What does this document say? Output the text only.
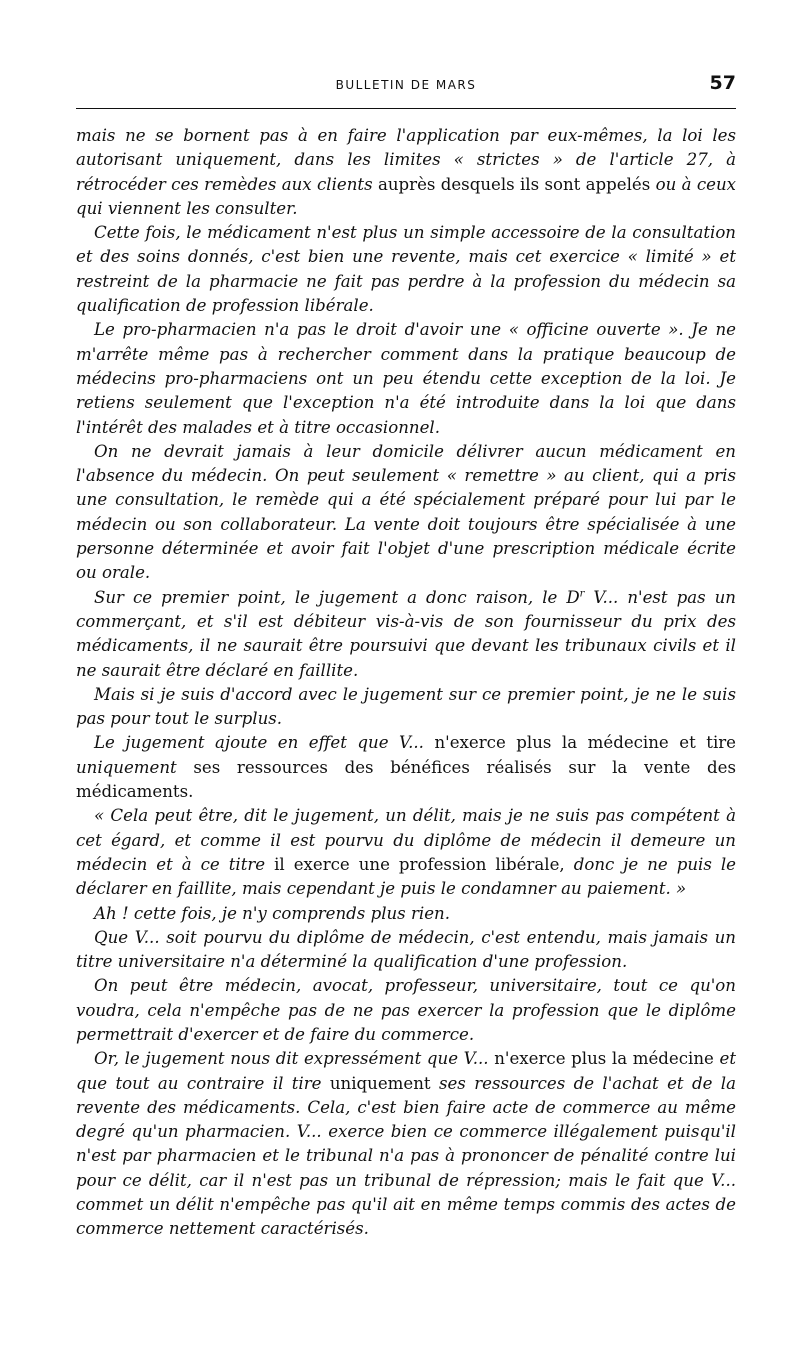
BULLETIN DE MARS	57

mais ne se bornent pas à en faire l'application par eux-mêmes, la loi les autorisant uniquement, dans les limites « strictes » de l'article 27, à rétrocéder ces remèdes aux clients auprès desquels ils sont appelés ou à ceux qui viennent les consulter.

Cette fois, le médicament n'est plus un simple accessoire de la consultation et des soins donnés, c'est bien une revente, mais cet exercice « limité » et restreint de la pharmacie ne fait pas perdre à la profession du médecin sa qualification de profession libérale.

Le pro-pharmacien n'a pas le droit d'avoir une « officine ouverte ». Je ne m'arrête même pas à rechercher comment dans la pratique beaucoup de médecins pro-pharmaciens ont un peu étendu cette exception de la loi. Je retiens seulement que l'exception n'a été introduite dans la loi que dans l'intérêt des malades et à titre occasionnel.

On ne devrait jamais à leur domicile délivrer aucun médicament en l'absence du médecin. On peut seulement « remettre » au client, qui a pris une consultation, le remède qui a été spécialement préparé pour lui par le médecin ou son collaborateur. La vente doit toujours être spécialisée à une personne déterminée et avoir fait l'objet d'une prescription médicale écrite ou orale.

Sur ce premier point, le jugement a donc raison, le $D^r$ V... n'est pas un commerçant, et s'il est débiteur vis-à-vis de son fournisseur du prix des médicaments, il ne saurait être poursuivi que devant les tribunaux civils et il ne saurait être déclaré en faillite.

Mais si je suis d'accord avec le jugement sur ce premier point, je ne le suis pas pour tout le surplus.

Le jugement ajoute en effet que V... n'exerce plus la médecine et tire uniquement ses ressources des bénéfices réalisés sur la vente des médicaments.

« Cela peut être, dit le jugement, un délit, mais je ne suis pas compétent à cet égard, et comme il est pourvu du diplôme de médecin il demeure un médecin et à ce titre il exerce une profession libérale, donc je ne puis le déclarer en faillite, mais cependant je puis le condamner au paiement. »

Ah ! cette fois, je n'y comprends plus rien.

Que V... soit pourvu du diplôme de médecin, c'est entendu, mais jamais un titre universitaire n'a déterminé la qualification d'une profession.

On peut être médecin, avocat, professeur, universitaire, tout ce qu'on voudra, cela n'empêche pas de ne pas exercer la profession que le diplôme permettrait d'exercer et de faire du commerce.

Or, le jugement nous dit expressément que V... n'exerce plus la médecine et que tout au contraire il tire uniquement ses ressources de l'achat et de la revente des médicaments. Cela, c'est bien faire acte de commerce au même degré qu'un pharmacien. V... exerce bien ce commerce illégalement puisqu'il n'est par pharmacien et le tribunal n'a pas à prononcer de pénalité contre lui pour ce délit, car il n'est pas un tribunal de répression; mais le fait que V... commet un délit n'empêche pas qu'il ait en même temps commis des actes de commerce nettement caractérisés.
